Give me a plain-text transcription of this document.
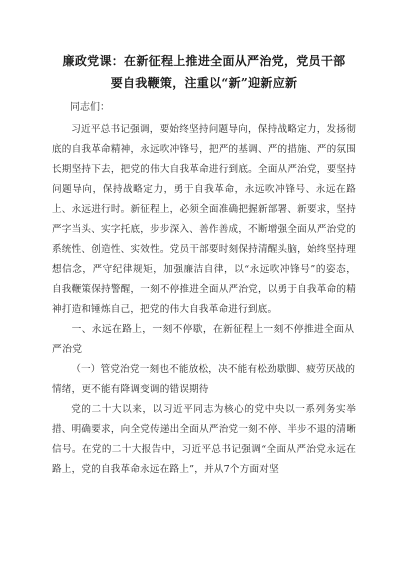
廉政党课：在新征程上推进全面从严治党，党员干部
要自我鞭策，注重以“新”迎新应新

同志们：

习近平总书记强调，要始终坚持问题导向，保持战略定力，发扬彻底的自我革命精神，永远吹冲锋号，把严的基调、严的措施、严的氛围长期坚持下去，把党的伟大自我革命进行到底。全面从严治党，要坚持问题导向，保持战略定力，勇于自我革命，永远吹冲锋号、永远在路上、永远进行时。新征程上，必须全面准确把握新部署、新要求，坚持严字当头、实字托底，步步深入、善作善成，不断增强全面从严治党的系统性、创造性、实效性。党员干部要时刻保持清醒头脑，始终坚持理想信念，严守纪律规矩，加强廉洁自律，以“永远吹冲锋号”的姿态，自我鞭策保持警醒，一刻不停推进全面从严治党，以勇于自我革命的精神打造和锤炼自己，把党的伟大自我革命进行到底。

一、永远在路上，一刻不停歇，在新征程上一刻不停推进全面从严治党

（一）管党治党一刻也不能放松，决不能有松劲歇脚、疲劳厌战的情绪，更不能有降调变调的错误期待

党的二十大以来，以习近平同志为核心的党中央以一系列务实举措、明确要求，向全党传递出全面从严治党一刻不停、半步不退的清晰信号。在党的二十大报告中，习近平总书记强调“全面从严治党永远在路上，党的自我革命永远在路上”，并从7个方面对坚
